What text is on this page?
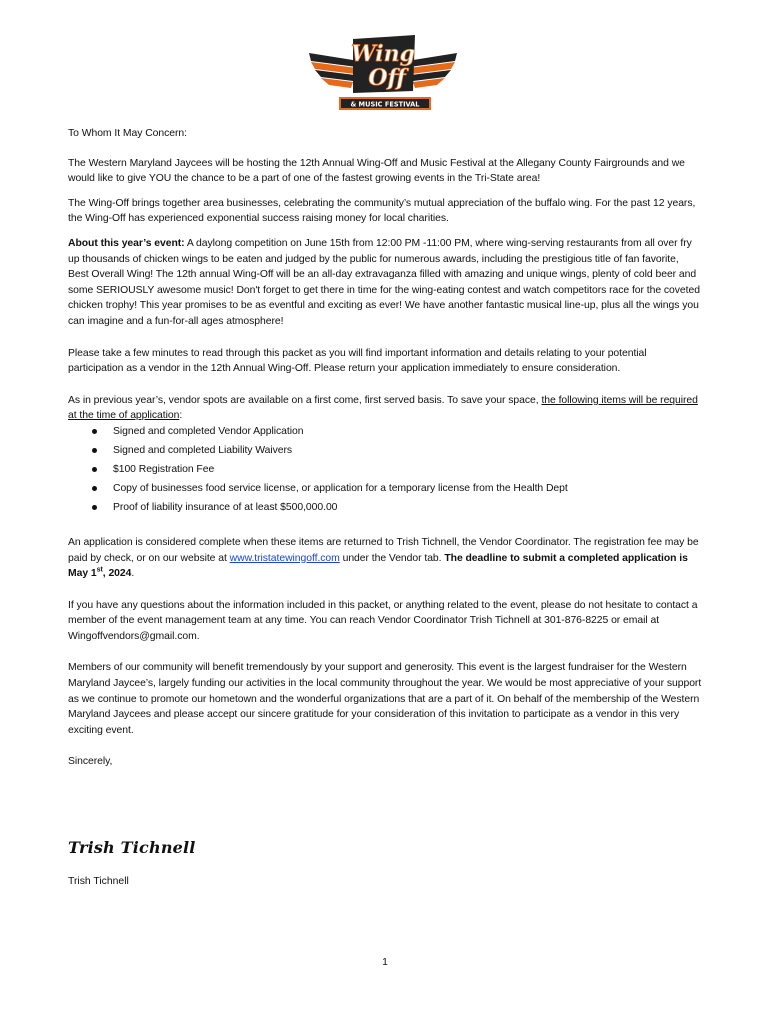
Wing
Off
& MUSIC FESTIVAL

To Whom It May Concern:

The Western Maryland Jaycees will be hosting the 12th Annual Wing-Off and Music Festival at the Allegany County Fairgrounds and we would like to give YOU the chance to be a part of one of the fastest growing events in the Tri-State area!

The Wing-Off brings together area businesses, celebrating the community’s mutual appreciation of the buffalo wing. For the past 12 years, the Wing-Off has experienced exponential success raising money for local charities.

About this year’s event: A daylong competition on June 15th from 12:00 PM -11:00 PM, where wing-serving restaurants from all over fry up thousands of chicken wings to be eaten and judged by the public for numerous awards, including the prestigious title of fan favorite, Best Overall Wing! The 12th annual Wing-Off will be an all-day extravaganza filled with amazing and unique wings, plenty of cold beer and some SERIOUSLY awesome music! Don't forget to get there in time for the wing-eating contest and watch competitors race for the coveted chicken trophy! This year promises to be as eventful and exciting as ever! We have another fantastic musical line-up, plus all the wings you can imagine and a fun-for-all ages atmosphere!

Please take a few minutes to read through this packet as you will find important information and details relating to your potential participation as a vendor in the 12th Annual Wing-Off. Please return your application immediately to ensure consideration.

As in previous year’s, vendor spots are available on a first come, first served basis. To save your space, the following items will be required at the time of application:

Signed and completed Vendor Application
Signed and completed Liability Waivers
$100 Registration Fee
Copy of businesses food service license, or application for a temporary license from the Health Dept
Proof of liability insurance of at least $500,000.00

An application is considered complete when these items are returned to Trish Tichnell, the Vendor Coordinator. The registration fee may be paid by check, or on our website at www.tristatewingoff.com under the Vendor tab. The deadline to submit a completed application is May 1st, 2024.

If you have any questions about the information included in this packet, or anything related to the event, please do not hesitate to contact a member of the event management team at any time. You can reach Vendor Coordinator Trish Tichnell at 301-876-8225 or email at Wingoffvendors@gmail.com.

Members of our community will benefit tremendously by your support and generosity. This event is the largest fundraiser for the Western Maryland Jaycee’s, largely funding our activities in the local community throughout the year. We would be most appreciative of your support as we continue to promote our hometown and the wonderful organizations that are a part of it. On behalf of the membership of the Western Maryland Jaycees and please accept our sincere gratitude for your consideration of this invitation to participate as a vendor in this very exciting event.

Sincerely,

Trish Tichnell
Trish Tichnell
1
